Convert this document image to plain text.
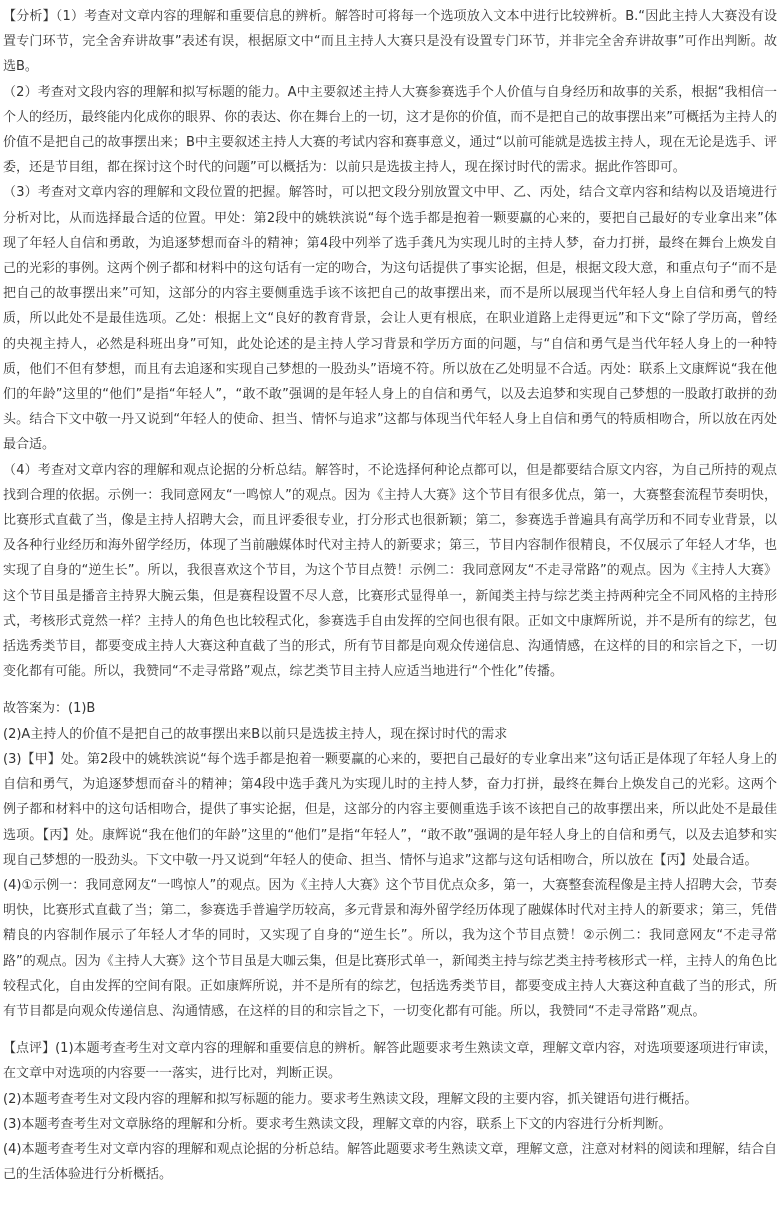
【分析】（1）考查对文章内容的理解和重要信息的辨析。解答时可将每一个选项放入文本中进行比较辨析。B.“因此主持人大赛没有设置专门环节，完全舍弃讲故事”表述有误，根据原文中“而且主持人大赛只是没有设置专门环节，并非完全舍弃讲故事”可作出判断。故选B。

（2）考查对文段内容的理解和拟写标题的能力。A中主要叙述主持人大赛参赛选手个人价值与自身经历和故事的关系，根据“我相信一个人的经历，最终能内化成你的眼界、你的表达、你在舞台上的一切，这才是你的价值，而不是把自己的故事摆出来”可概括为主持人的价值不是把自己的故事摆出来；B中主要叙述主持人大赛的考试内容和赛事意义，通过“以前可能就是选拔主持人，现在无论是选手、评委，还是节目组，都在探讨这个时代的问题”可以概括为：以前只是选拔主持人，现在探讨时代的需求。据此作答即可。

（3）考查对文章内容的理解和文段位置的把握。解答时，可以把文段分别放置文中甲、乙、丙处，结合文章内容和结构以及语境进行分析对比，从而选择最合适的位置。甲处：第2段中的姚轶滨说“每个选手都是抱着一颗要赢的心来的，要把自己最好的专业拿出来”体现了年轻人自信和勇敢，为追逐梦想而奋斗的精神；第4段中列举了选手龚凡为实现儿时的主持人梦，奋力打拼，最终在舞台上焕发自己的光彩的事例。这两个例子都和材料中的这句话有一定的吻合，为这句话提供了事实论据，但是，根据文段大意，和重点句子“而不是把自己的故事摆出来”可知，这部分的内容主要侧重选手该不该把自己的故事摆出来，而不是所以展现当代年轻人身上自信和勇气的特质，所以此处不是最佳选项。乙处：根据上文“良好的教育背景，会让人更有根底，在职业道路上走得更远”和下文“除了学历高，曾经的央视主持人，必然是科班出身”可知，此处论述的是主持人学习背景和学历方面的问题，与“自信和勇气是当代年轻人身上的一种特质，他们不但有梦想，而且有去追逐和实现自己梦想的一股劲头”语境不符。所以放在乙处明显不合适。丙处：联系上文康辉说“我在他们的年龄”这里的“他们”是指“年轻人”，“敢不敢”强调的是年轻人身上的自信和勇气，以及去追梦和实现自己梦想的一股敢打敢拼的劲头。结合下文中敬一丹又说到“年轻人的使命、担当、情怀与追求”这都与体现当代年轻人身上自信和勇气的特质相吻合，所以放在丙处最合适。

（4）考查对文章内容的理解和观点论据的分析总结。解答时，不论选择何种论点都可以，但是都要结合原文内容，为自己所持的观点找到合理的依据。示例一：我同意网友“一鸣惊人”的观点。因为《主持人大赛》这个节目有很多优点，第一，大赛整套流程节奏明快，比赛形式直截了当，像是主持人招聘大会，而且评委很专业，打分形式也很新颖；第二，参赛选手普遍具有高学历和不同专业背景，以及各种行业经历和海外留学经历，体现了当前融媒体时代对主持人的新要求；第三，节目内容制作很精良，不仅展示了年轻人才华，也实现了自身的“逆生长”。所以，我很喜欢这个节目，为这个节目点赞！示例二：我同意网友“不走寻常路”的观点。因为《主持人大赛》这个节目虽是播音主持界大腕云集，但是赛程设置不尽人意，比赛形式显得单一，新闻类主持与综艺类主持两种完全不同风格的主持形式，考核形式竟然一样？主持人的角色也比较程式化，参赛选手自由发挥的空间也很有限。正如文中康辉所说，并不是所有的综艺，包括选秀类节目，都要变成主持人大赛这种直截了当的形式，所有节目都是向观众传递信息、沟通情感，在这样的目的和宗旨之下，一切变化都有可能。所以，我赞同“不走寻常路”观点，综艺类节目主持人应适当地进行“个性化”传播。

故答案为：(1)B

(2)A主持人的价值不是把自己的故事摆出来B以前只是选拔主持人，现在探讨时代的需求

(3)【甲】处。第2段中的姚轶滨说“每个选手都是抱着一颗要赢的心来的，要把自己最好的专业拿出来”这句话正是体现了年轻人身上的自信和勇气，为追逐梦想而奋斗的精神；第4段中选手龚凡为实现儿时的主持人梦，奋力打拼，最终在舞台上焕发自己的光彩。这两个例子都和材料中的这句话相吻合，提供了事实论据，但是，这部分的内容主要侧重选手该不该把自己的故事摆出来，所以此处不是最佳选项。【丙】处。康辉说“我在他们的年龄”这里的“他们”是指“年轻人”，“敢不敢”强调的是年轻人身上的自信和勇气，以及去追梦和实现自己梦想的一股劲头。下文中敬一丹又说到“年轻人的使命、担当、情怀与追求”这都与这句话相吻合，所以放在【丙】处最合适。

(4)①示例一：我同意网友“一鸣惊人”的观点。因为《主持人大赛》这个节目优点众多，第一，大赛整套流程像是主持人招聘大会，节奏明快，比赛形式直截了当；第二，参赛选手普遍学历较高，多元背景和海外留学经历体现了融媒体时代对主持人的新要求；第三，凭借精良的内容制作展示了年轻人才华的同时，又实现了自身的“逆生长”。所以，我为这个节目点赞！②示例二：我同意网友“不走寻常路”的观点。因为《主持人大赛》这个节目虽是大咖云集，但是比赛形式单一，新闻类主持与综艺类主持考核形式一样，主持人的角色比较程式化，自由发挥的空间有限。正如康辉所说，并不是所有的综艺，包括选秀类节目，都要变成主持人大赛这种直截了当的形式，所有节目都是向观众传递信息、沟通情感，在这样的目的和宗旨之下，一切变化都有可能。所以，我赞同“不走寻常路”观点。

【点评】(1)本题考查考生对文章内容的理解和重要信息的辨析。解答此题要求考生熟读文章，理解文章内容，对选项要逐项进行审读，在文章中对选项的内容要一一落实，进行比对，判断正误。

(2)本题考查考生对文段内容的理解和拟写标题的能力。要求考生熟读文段，理解文段的主要内容，抓关键语句进行概括。

(3)本题考查考生对文章脉络的理解和分析。要求考生熟读文段，理解文章的内容，联系上下文的内容进行分析判断。

(4)本题考查考生对文章内容的理解和观点论据的分析总结。解答此题要求考生熟读文章，理解文意，注意对材料的阅读和理解，结合自己的生活体验进行分析概括。
